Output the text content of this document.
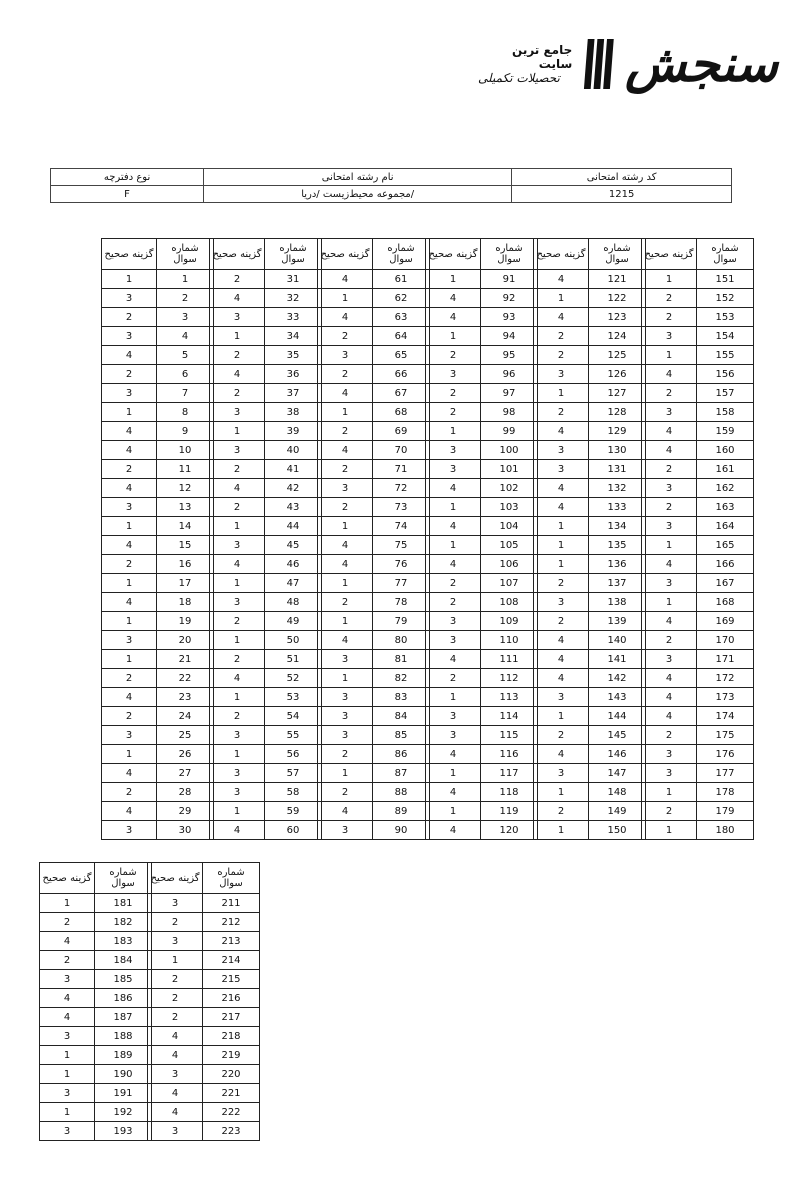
سنجش
جامع ترین سایت
تحصیلات تکمیلی
کد رشته امتحانی	نام رشته امتحانی	نوع دفترچه
1215	/مجموعه محیط‌زیست /دریا	F
شماره سوال	گزینه صحیح
1	1
2	3
3	2
4	3
5	4
6	2
7	3
8	1
9	4
10	4
11	2
12	4
13	3
14	1
15	4
16	2
17	1
18	4
19	1
20	3
21	1
22	2
23	4
24	2
25	3
26	1
27	4
28	2
29	4
30	3
شماره سوال	گزینه صحیح
31	2
32	4
33	3
34	1
35	2
36	4
37	2
38	3
39	1
40	3
41	2
42	4
43	2
44	1
45	3
46	4
47	1
48	3
49	2
50	1
51	2
52	4
53	1
54	2
55	3
56	1
57	3
58	3
59	1
60	4
شماره سوال	گزینه صحیح
61	4
62	1
63	4
64	2
65	3
66	2
67	4
68	1
69	2
70	4
71	2
72	3
73	2
74	1
75	4
76	4
77	1
78	2
79	1
80	4
81	3
82	1
83	3
84	3
85	3
86	2
87	1
88	2
89	4
90	3
شماره سوال	گزینه صحیح
91	1
92	4
93	4
94	1
95	2
96	3
97	2
98	2
99	1
100	3
101	3
102	4
103	1
104	4
105	1
106	4
107	2
108	2
109	3
110	3
111	4
112	2
113	1
114	3
115	3
116	4
117	1
118	4
119	1
120	4
شماره سوال	گزینه صحیح
121	4
122	1
123	4
124	2
125	2
126	3
127	1
128	2
129	4
130	3
131	3
132	4
133	4
134	1
135	1
136	1
137	2
138	3
139	2
140	4
141	4
142	4
143	3
144	1
145	2
146	4
147	3
148	1
149	2
150	1
شماره سوال	گزینه صحیح
151	1
152	2
153	2
154	3
155	1
156	4
157	2
158	3
159	4
160	4
161	2
162	3
163	2
164	3
165	1
166	4
167	3
168	1
169	4
170	2
171	3
172	4
173	4
174	4
175	2
176	3
177	3
178	1
179	2
180	1
شماره سوال	گزینه صحیح
181	1
182	2
183	4
184	2
185	3
186	4
187	4
188	3
189	1
190	1
191	3
192	1
193	3
شماره سوال	گزینه صحیح
211	3
212	2
213	3
214	1
215	2
216	2
217	2
218	4
219	4
220	3
221	4
222	4
223	3
